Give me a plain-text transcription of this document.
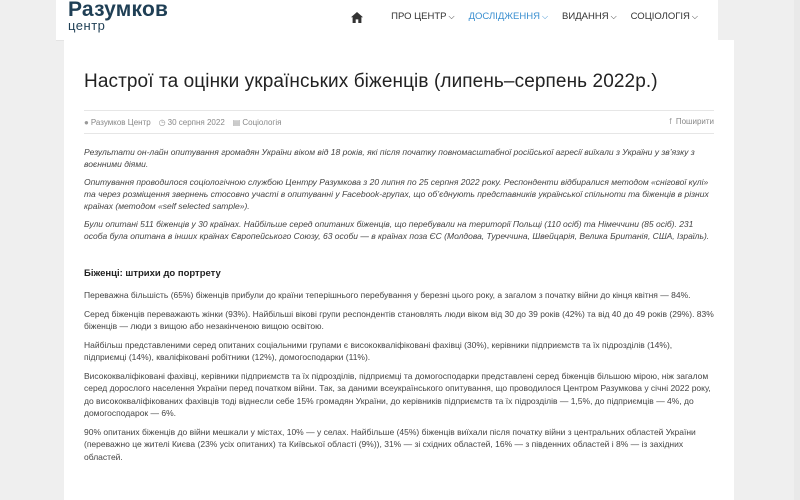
Разумков
центр
ПРО ЦЕНТР ⌵ ДОСЛІДЖЕННЯ ⌵ ВИДАННЯ ⌵ СОЦІОЛОГІЯ ⌵
Настрої та оцінки українських біженців (липень–серпень 2022р.)
● Разумков Центр ◷ 30 серпня 2022 ▤ Соціологія	f Поширити

Результати он-лайн опитування громадян України віком від 18 років, які після початку повномасштабної російської агресії виїхали з України у зв’язку з воєнними діями.

Опитування проводилося соціологічною службою Центру Разумкова з 20 липня по 25 серпня 2022 року. Респонденти відбиралися методом «снігової кулі» та через розміщення звернень стосовно участі в опитуванні у Facebook-групах, що об’єднують представників української спільноти та біженців в різних країнах (методом «self selected sample»).

Були опитані 511 біженців у 30 країнах. Найбільше серед опитаних біженців, що перебували на території Польщі (110 осіб) та Німеччини (85 осіб). 231 особа була опитана в інших країнах Європейського Союзу, 63 особи — в країнах поза ЄС (Молдова, Туреччина, Швейцарія, Велика Британія, США, Ізраїль).

Біженці: штрихи до портрету

Переважна більшість (65%) біженців прибули до країни теперішнього перебування у березні цього року, а загалом з початку війни до кінця квітня — 84%.

Серед біженців переважають жінки (93%). Найбільші вікові групи респондентів становлять люди віком від 30 до 39 років (42%) та від 40 до 49 років (29%). 83% біженців — люди з вищою або незакінченою вищою освітою.

Найбільш представленими серед опитаних соціальними групами є висококваліфіковані фахівці (30%), керівники підприємств та їх підрозділів (14%), підприємці (14%), кваліфіковані робітники (12%), домогосподарки (11%).

Висококваліфіковані фахівці, керівники підприємств та їх підрозділів, підприємці та домогосподарки представлені серед біженців більшою мірою, ніж загалом серед дорослого населення України перед початком війни. Так, за даними всеукраїнського опитування, що проводилося Центром Разумкова у січні 2022 року, до висококваліфікованих фахівців тоді віднесли себе 15% громадян України, до керівників підприємств та їх підрозділів — 1,5%, до підприємців — 4%, до домогосподарок — 6%.

90% опитаних біженців до війни мешкали у містах, 10% — у селах. Найбільше (45%) біженців виїхали після початку війни з центральних областей України (переважно це жителі Києва (23% усіх опитаних) та Київської області (9%)), 31% — зі східних областей, 16% — з південних областей і 8% — із західних областей.
